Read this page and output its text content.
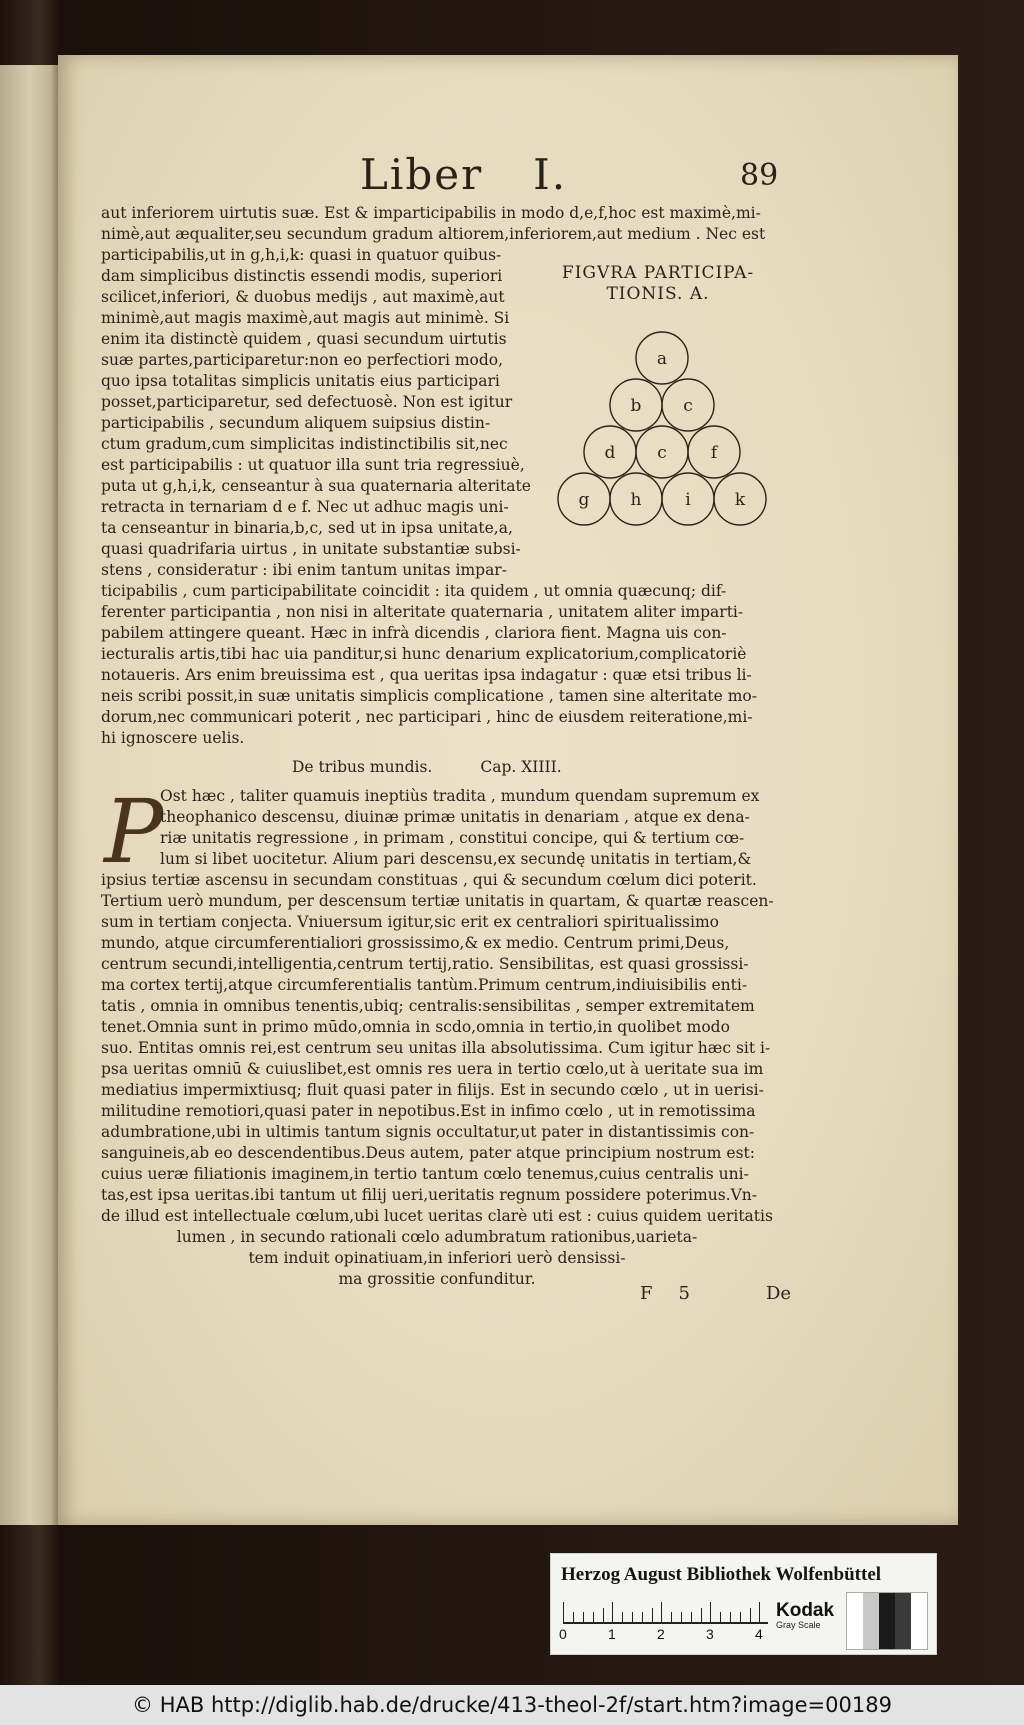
Liber I.	89

aut inferiorem uirtutis suæ. Est & imparticipabilis in modo d,e,f,hoc est maximè,mi-

nimè,aut æqualiter,seu secundum gradum altiorem,inferiorem,aut medium . Nec est

participabilis,ut in g,h,i,k: quasi in quatuor quibus-

dam simplicibus distinctis essendi modis, superiori

scilicet,inferiori, & duobus medijs , aut maximè,aut

minimè,aut magis maximè,aut magis aut minimè. Si

enim ita distinctè quidem , quasi secundum uirtutis

suæ partes,participaretur:non eo perfectiori modo,

quo ipsa totalitas simplicis unitatis eius participari

posset,participaretur, sed defectuosè. Non est igitur

participabilis , secundum aliquem suipsius distin-

ctum gradum,cum simplicitas indistinctibilis sit,nec

est participabilis : ut quatuor illa sunt tria regressiuè,

puta ut g,h,i,k, censeantur à sua quaternaria alteritate

retracta in ternariam d e f. Nec ut adhuc magis uni-

ta censeantur in binaria,b,c, sed ut in ipsa unitate,a,

quasi quadrifaria uirtus , in unitate substantiæ subsi-

stens , consideratur : ibi enim tantum unitas impar-

FIGVRA PARTICIPA-
TIONIS. A.
a
b c
d c	f
g h	i	k

ticipabilis , cum participabilitate coincidit : ita quidem , ut omnia quæcunq; dif-

ferenter participantia , non nisi in alteritate quaternaria , unitatem aliter imparti-

pabilem attingere queant. Hæc in infrà dicendis , clariora fient. Magna uis con-

iecturalis artis,tibi hac uia panditur,si hunc denarium explicatorium,complicatoriè

notaueris. Ars enim breuissima est , qua ueritas ipsa indagatur : quæ etsi tribus li-

neis scribi possit,in suæ unitatis simplicis complicatione , tamen sine alteritate mo-

dorum,nec communicari poterit , nec participari , hinc de eiusdem reiteratione,mi-

hi ignoscere uelis.

De tribus mundis.	Cap. XIIII.
P

Ost hæc , taliter quamuis ineptiùs tradita , mundum quendam supremum ex

theophanico descensu, diuinæ primæ unitatis in denariam , atque ex dena-

riæ unitatis regressione , in primam , constitui concipe, qui & tertium cœ-

lum si libet uocitetur. Alium pari descensu,ex secundę unitatis in tertiam,&

ipsius tertiæ ascensu in secundam constituas , qui & secundum cœlum dici poterit.

Tertium uerò mundum, per descensum tertiæ unitatis in quartam, & quartæ reascen-

sum in tertiam conjecta. Vniuersum igitur,sic erit ex centraliori spiritualissimo

mundo, atque circumferentialiori grossissimo,& ex medio. Centrum primi,Deus,

centrum secundi,intelligentia,centrum tertij,ratio. Sensibilitas, est quasi grossissi-

ma cortex tertij,atque circumferentialis tantùm.Primum centrum,indiuisibilis enti-

tatis , omnia in omnibus tenentis,ubiq; centralis:sensibilitas , semper extremitatem

tenet.Omnia sunt in primo mūdo,omnia in scdo,omnia in tertio,in quolibet modo

suo. Entitas omnis rei,est centrum seu unitas illa absolutissima. Cum igitur hæc sit i-

psa ueritas omniū & cuiuslibet,est omnis res uera in tertio cœlo,ut à ueritate sua im

mediatius impermixtiusq; fluit quasi pater in filijs. Est in secundo cœlo , ut in uerisi-

militudine remotiori,quasi pater in nepotibus.Est in infimo cœlo , ut in remotissima

adumbratione,ubi in ultimis tantum signis occultatur,ut pater in distantissimis con-

sanguineis,ab eo descendentibus.Deus autem, pater atque principium nostrum est:

cuius ueræ filiationis imaginem,in tertio tantum cœlo tenemus,cuius centralis uni-

tas,est ipsa ueritas.ibi tantum ut filij ueri,ueritatis regnum possidere poterimus.Vn-

de illud est intellectuale cœlum,ubi lucet ueritas clarè uti est : cuius quidem ueritatis

lumen , in secundo rationali cœlo adumbratum rationibus,uarieta-

tem induit opinatiuam,in inferiori uerò densissi-

ma grossitie confunditur.

F 5	De
Herzog August Bibliothek Wolfenbüttel
0	1	2	3	4
Kodak
Gray Scale
© HAB http://diglib.hab.de/drucke/413-theol-2f/start.htm?image=00189
